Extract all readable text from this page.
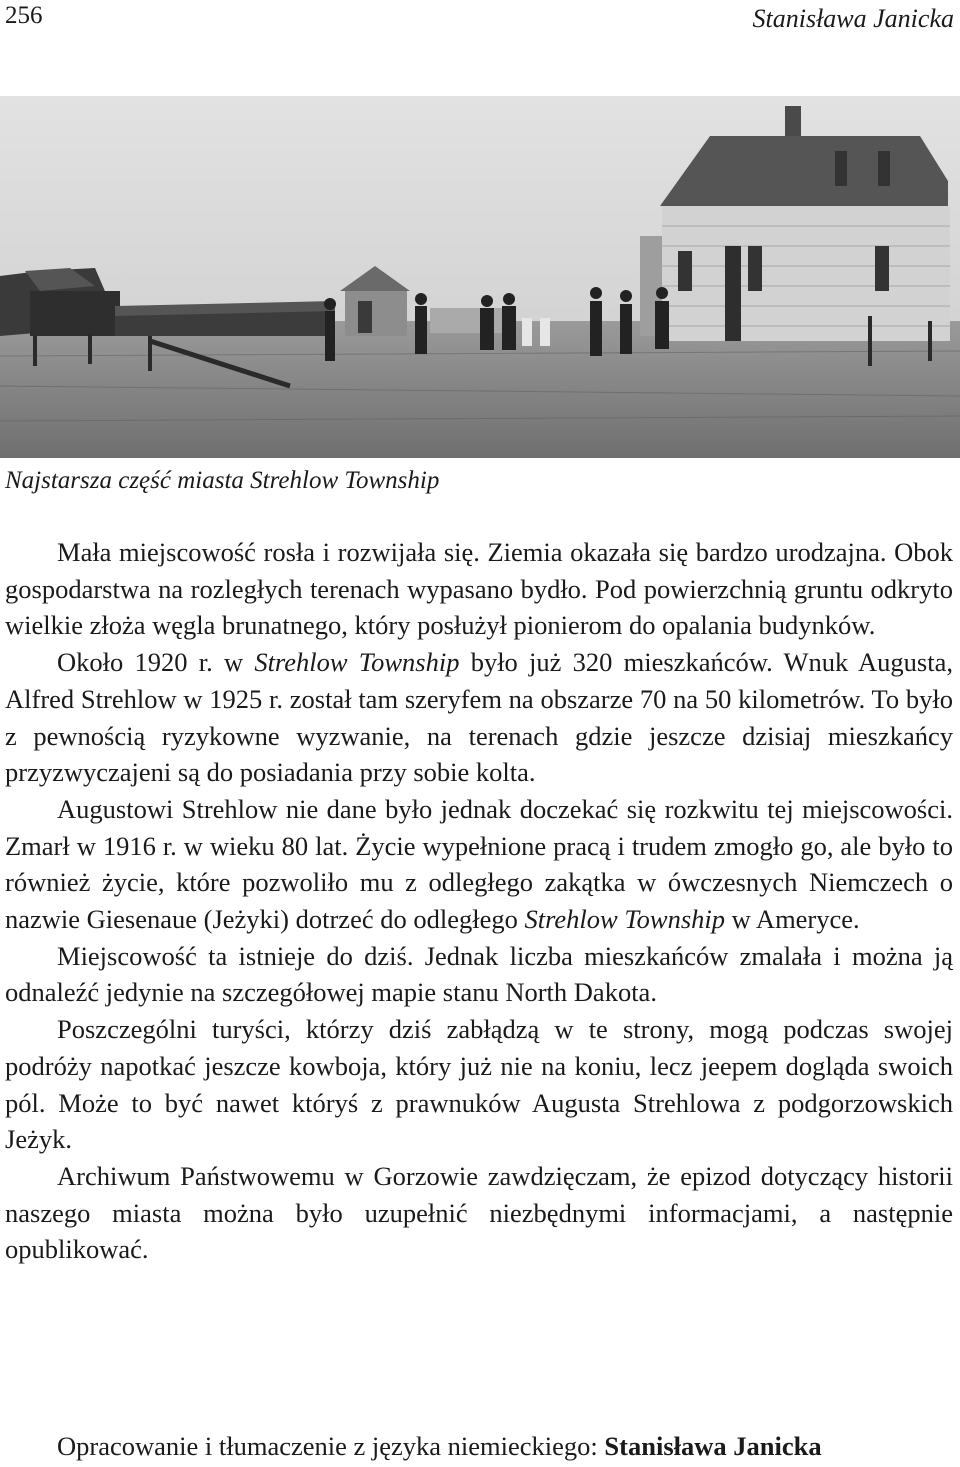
256	Stanisława Janicka
Najstarsza część miasta Strehlow Township

Mała miejscowość rosła i rozwijała się. Ziemia okazała się bardzo urodzajna. Obok gospodarstwa na rozległych terenach wypasano bydło. Pod powierzchnią gruntu odkryto wielkie złoża węgla brunatnego, który posłużył pionierom do opalania budynków.

Około 1920 r. w Strehlow Township było już 320 mieszkańców. Wnuk Augusta, Alfred Strehlow w 1925 r. został tam szeryfem na obszarze 70 na 50 kilometrów. To było z pewnością ryzykowne wyzwanie, na terenach gdzie jeszcze dzisiaj mieszkańcy przyzwyczajeni są do posiadania przy sobie kolta.

Augustowi Strehlow nie dane było jednak doczekać się rozkwitu tej miejscowości. Zmarł w 1916 r. w wieku 80 lat. Życie wypełnione pracą i trudem zmogło go, ale było to również życie, które pozwoliło mu z odległego zakątka w ówczesnych Niemczech o nazwie Giesenaue (Jeżyki) dotrzeć do odległego Strehlow Township w Ameryce.

Miejscowość ta istnieje do dziś. Jednak liczba mieszkańców zmalała i można ją odnaleźć jedynie na szczegółowej mapie stanu North Dakota.

Poszczególni turyści, którzy dziś zabłądzą w te strony, mogą podczas swojej podróży napotkać jeszcze kowboja, który już nie na koniu, lecz jeepem dogląda swoich pól. Może to być nawet któryś z prawnuków Augusta Strehlowa z podgorzowskich Jeżyk.

Archiwum Państwowemu w Gorzowie zawdzięczam, że epizod dotyczący historii naszego miasta można było uzupełnić niezbędnymi informacjami, a następnie opublikować.

Opracowanie i tłumaczenie z języka niemieckiego: Stanisława Janicka
